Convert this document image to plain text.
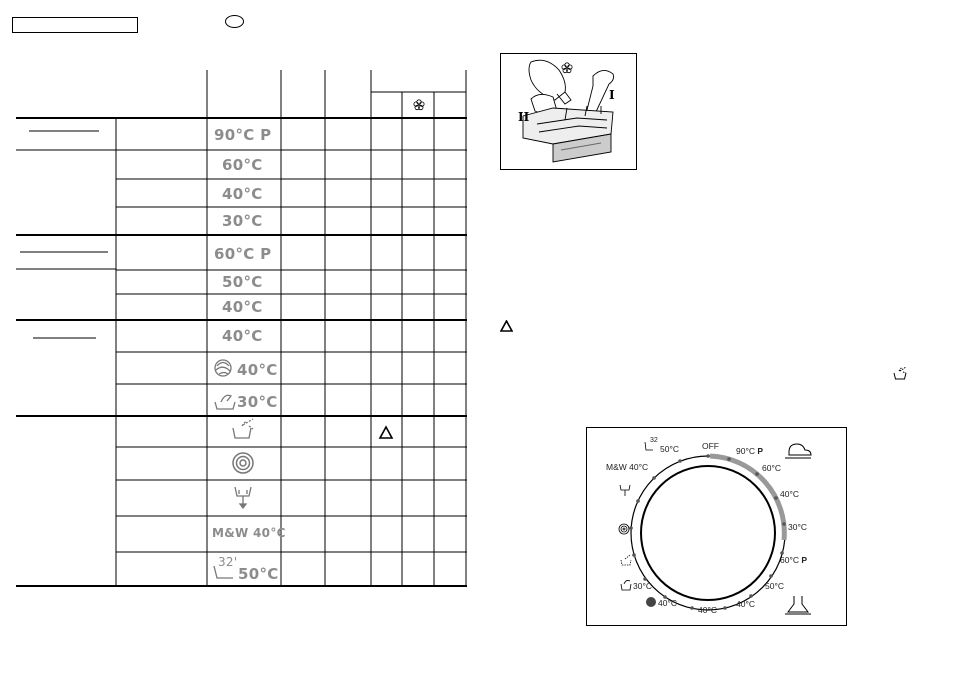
90°C P
60°C
40°C
30°C
60°C P
50°C
40°C
40°C
40°C
30°C
M&W 40°C
32'
50°C
II
I
OFF 90°C P
60°C
40°C
30°C
60°C P
50°C
40°C
40°C
40°C
30°C
M&W 40°C
32
50°C
